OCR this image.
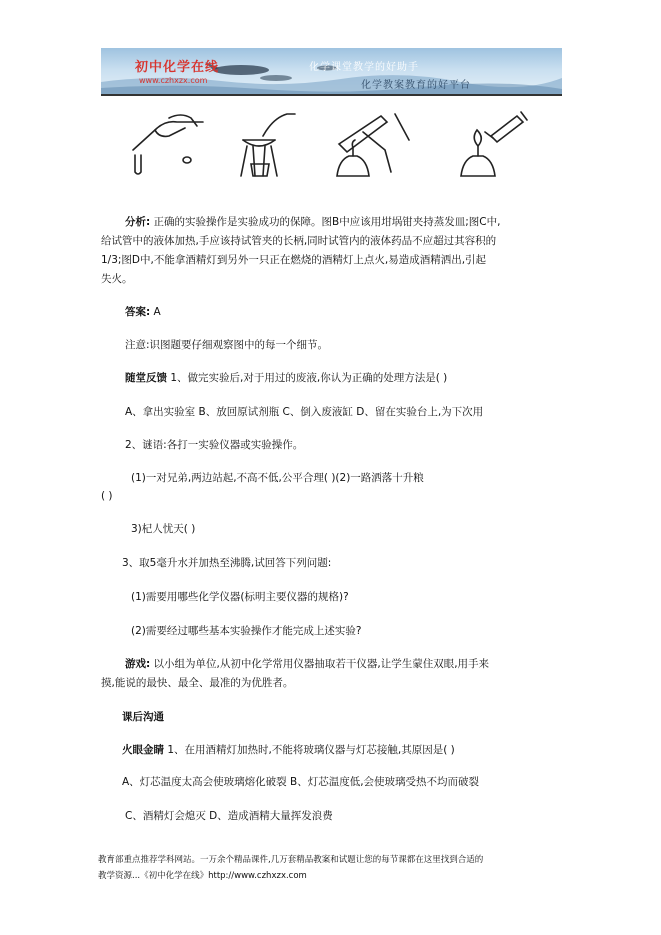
初中化学在线
www.czhxzx.com
化学课堂教学的好助手
化学教案教育的好平台
分析: 正确的实验操作是实验成功的保障。图B中应该用坩埚钳夹持蒸发皿;图C中,
给试管中的液体加热,手应该持试管夹的长柄,同时试管内的液体药品不应超过其容积的
1/3;图D中,不能拿酒精灯到另外一只正在燃烧的酒精灯上点火,易造成酒精洒出,引起
失火。
答案: A
注意:识图题要仔细观察图中的每一个细节。
随堂反馈 1、做完实验后,对于用过的废液,你认为正确的处理方法是( )
A、拿出实验室 B、放回原试剂瓶 C、倒入废液缸 D、留在实验台上,为下次用
2、谜语:各打一实验仪器或实验操作。
(1)一对兄弟,两边站起,不高不低,公平合理( )(2)一路洒落十升粮
( )
3)杞人忧天( )
3、取5毫升水并加热至沸腾,试回答下列问题:
(1)需要用哪些化学仪器(标明主要仪器的规格)?
(2)需要经过哪些基本实验操作才能完成上述实验?
游戏: 以小组为单位,从初中化学常用仪器抽取若干仪器,让学生蒙住双眼,用手来
摸,能说的最快、最全、最准的为优胜者。
课后沟通
火眼金睛 1、在用酒精灯加热时,不能将玻璃仪器与灯芯接触,其原因是( )
A、灯芯温度太高会使玻璃熔化破裂 B、灯芯温度低,会使玻璃受热不均而破裂
C、酒精灯会熄灭 D、造成酒精大量挥发浪费
教育部重点推荐学科网站。一万余个精品课件,几万套精品教案和试题让您的每节课都在这里找到合适的
教学资源...《初中化学在线》http://www.czhxzx.com
